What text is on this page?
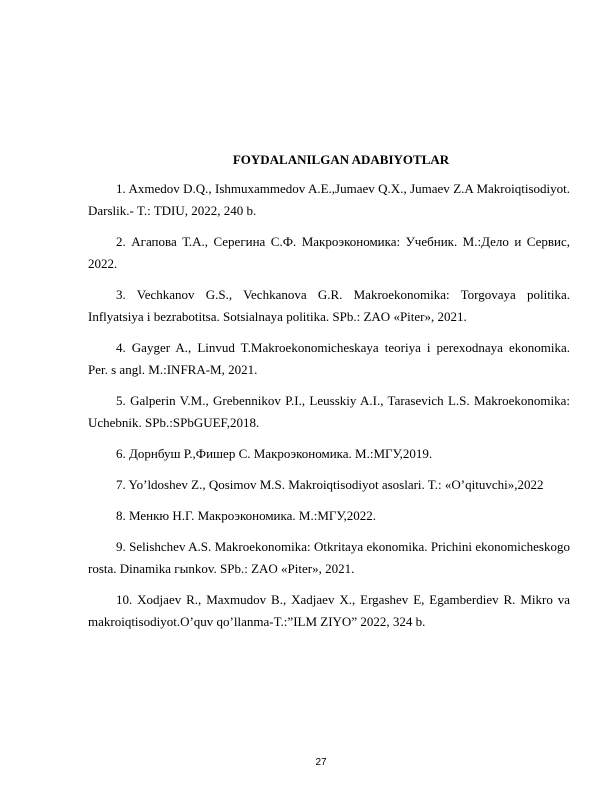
FOYDALANILGAN ADABIYOTLAR

1. Axmedov D.Q., Ishmuxammedov A.E.,Jumaev Q.X., Jumaev Z.A Makroiqtisodiyot. Darslik.- T.: TDIU, 2022, 240 b.

2. Агапова Т.А., Серегина С.Ф. Макроэкономика: Учебник. М.:Дело и Сервис, 2022.

3. Vechkanov G.S., Vechkanova G.R. Makroekonomika: Torgovaya politika. Inflyatsiya i bezrabotitsa. Sotsialnaya politika. SPb.: ZAO «Piter», 2021.

4. Gayger A., Linvud T.Makroekonomicheskaya teoriya i perexodnaya ekonomika. Per. s angl. M.:INFRA-M, 2021.

5. Galperin V.M., Grebennikov P.I., Leusskiy A.I., Tarasevich L.S. Makroekonomika: Uchebnik. SPb.:SPbGUEF,2018.

6. Дорнбуш Р.,Фишер С. Макроэкономика. М.:МГУ,2019.

7. Yo’ldoshev Z., Qosimov M.S. Makroiqtisodiyot asoslari. T.: «O’qituvchi»,2022

8. Менкю Н.Г. Макроэкономика. М.:МГУ,2022.

9. Selishchev A.S. Makroekonomika: Otkritaya ekonomika. Prichini ekonomicheskogo rosta. Dinamika гыnkov. SPb.: ZAO «Piter», 2021.

10. Xodjaev R., Maxmudov B., Xadjaev X., Ergashev E, Egamberdiev R. Mikro va makroiqtisodiyot.O’quv qo’llanma-T.:”ILM ZIYO” 2022, 324 b.

27
